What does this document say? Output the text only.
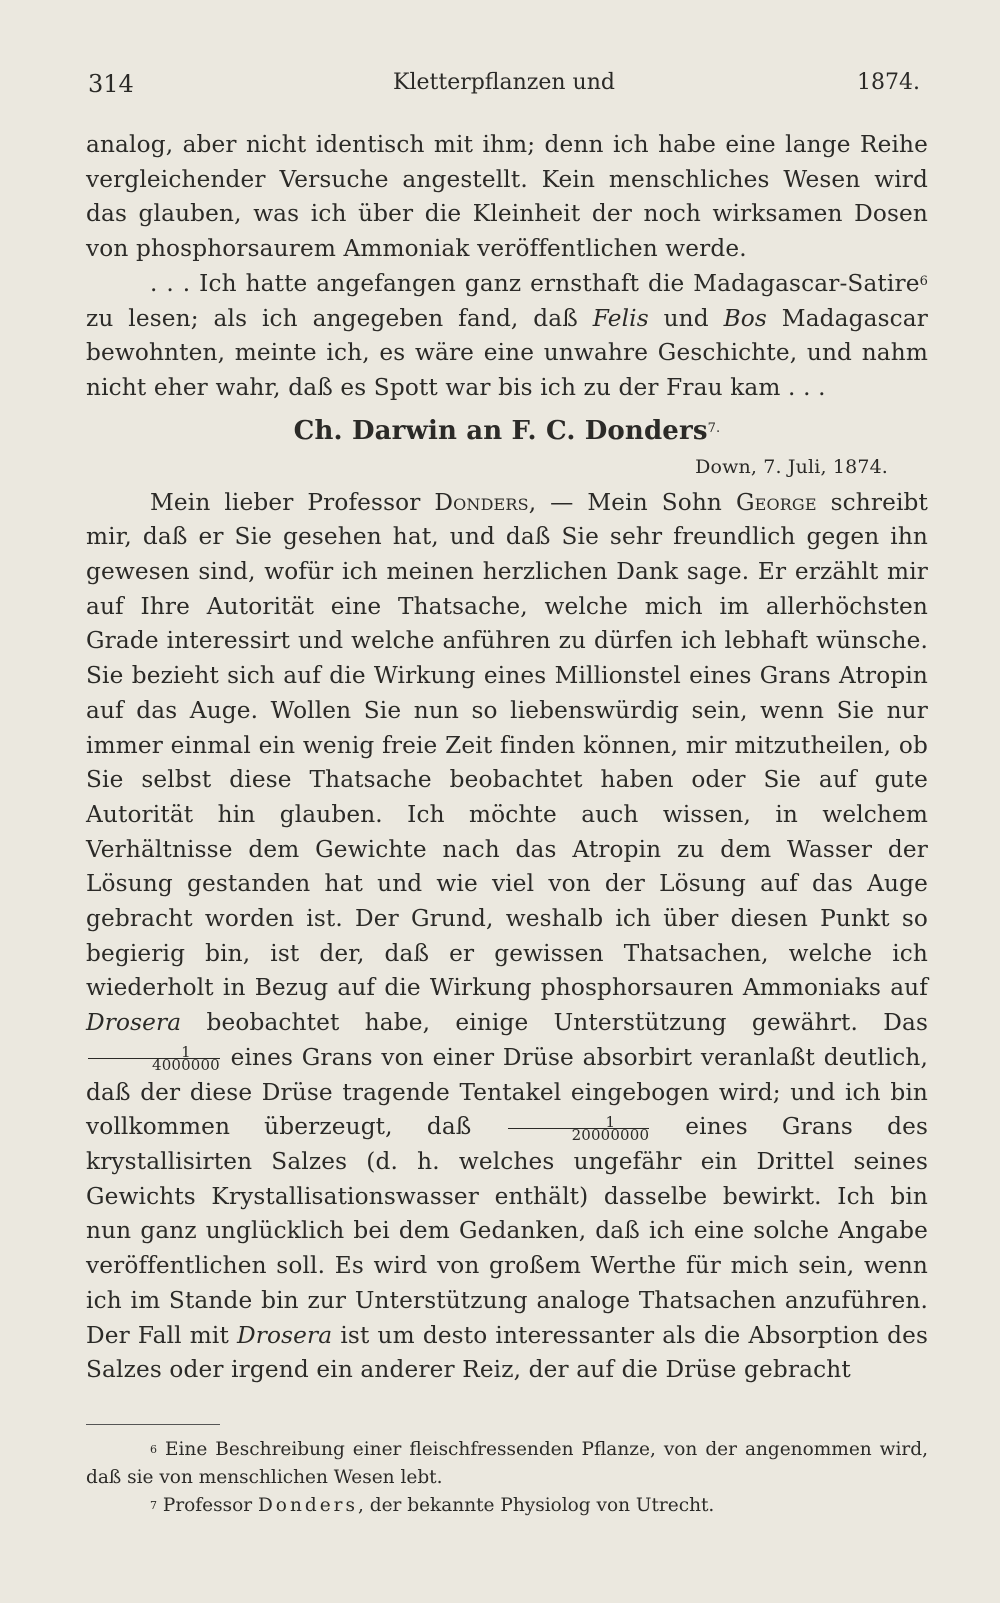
314	Kletterpflanzen und	1874.

analog, aber nicht identisch mit ihm; denn ich habe eine lange Reihe vergleichender Versuche angestellt. Kein menschliches Wesen wird das glauben, was ich über die Kleinheit der noch wirksamen Dosen von phosphorsaurem Ammoniak veröffentlichen werde.

. . . Ich hatte angefangen ganz ernsthaft die Madagascar-Satire$^6$ zu lesen; als ich angegeben fand, daß Felis und Bos Madagascar bewohnten, meinte ich, es wäre eine unwahre Geschichte, und nahm nicht eher wahr, daß es Spott war bis ich zu der Frau kam . . .

Ch. Darwin an F. C. Donders$^{7.}$
Down, 7. Juli, 1874.

Mein lieber Professor Donders, — Mein Sohn George schreibt mir, daß er Sie gesehen hat, und daß Sie sehr freundlich gegen ihn gewesen sind, wofür ich meinen herzlichen Dank sage. Er erzählt mir auf Ihre Autorität eine Thatsache, welche mich im allerhöchsten Grade interessirt und welche anführen zu dürfen ich lebhaft wünsche. Sie bezieht sich auf die Wirkung eines Millionstel eines Grans Atropin auf das Auge. Wollen Sie nun so liebenswürdig sein, wenn Sie nur immer einmal ein wenig freie Zeit finden können, mir mitzutheilen, ob Sie selbst diese Thatsache beobachtet haben oder Sie auf gute Autorität hin glauben. Ich möchte auch wissen, in welchem Verhältnisse dem Gewichte nach das Atropin zu dem Wasser der Lösung gestanden hat und wie viel von der Lösung auf das Auge gebracht worden ist. Der Grund, weshalb ich über diesen Punkt so begierig bin, ist der, daß er gewissen Thatsachen, welche ich wiederholt in Bezug auf die Wirkung phosphorsauren Ammoniaks auf Drosera beobachtet habe, einige Unterstützung gewährt. Das
$\frac{1}{4000000}$ eines Grans von einer Drüse absorbirt veranlaßt deutlich, daß der diese Drüse tragende Tentakel eingebogen wird; und ich bin vollkommen überzeugt, daß $\frac{1}{20000000}$ eines Grans des krystallisirten Salzes (d. h. welches ungefähr ein Drittel seines Gewichts Krystallisationswasser enthält) dasselbe bewirkt. Ich bin nun ganz unglücklich bei dem Gedanken, daß ich eine solche Angabe veröffentlichen soll. Es wird von großem Werthe für mich sein, wenn ich im Stande bin zur Unterstützung analoge Thatsachen anzuführen. Der Fall mit Drosera ist um desto interessanter als die Absorption des Salzes oder irgend ein anderer Reiz, der auf die Drüse gebracht

$^6$ Eine Beschreibung einer fleischfressenden Pflanze, von der angenommen wird, daß sie von menschlichen Wesen lebt.

$^7$ Professor Donders, der bekannte Physiolog von Utrecht.
